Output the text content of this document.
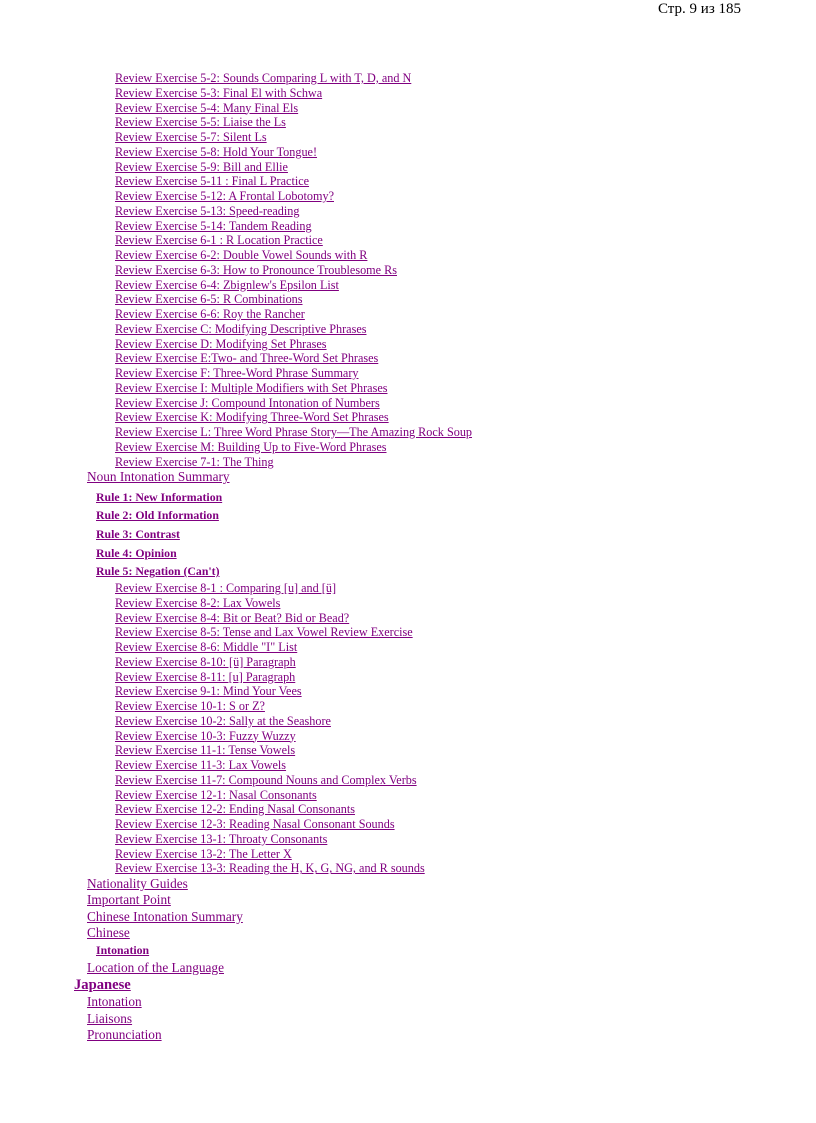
Стр. 9 из 185
Review Exercise 5-2: Sounds Comparing L with T, D, and N
Review Exercise 5-3: Final El with Schwa
Review Exercise 5-4: Many Final Els
Review Exercise 5-5: Liaise the Ls
Review Exercise 5-7: Silent Ls
Review Exercise 5-8: Hold Your Tongue!
Review Exercise 5-9: Bill and Ellie
Review Exercise 5-11 : Final L Practice
Review Exercise 5-12: A Frontal Lobotomy?
Review Exercise 5-13: Speed-reading
Review Exercise 5-14: Tandem Reading
Review Exercise 6-1 : R Location Practice
Review Exercise 6-2: Double Vowel Sounds with R
Review Exercise 6-3: How to Pronounce Troublesome Rs
Review Exercise 6-4: Zbignlew's Epsilon List
Review Exercise 6-5: R Combinations
Review Exercise 6-6: Roy the Rancher
Review Exercise C: Modifying Descriptive Phrases
Review Exercise D: Modifying Set Phrases
Review Exercise E:Two- and Three-Word Set Phrases
Review Exercise F: Three-Word Phrase Summary
Review Exercise I: Multiple Modifiers with Set Phrases
Review Exercise J: Compound Intonation of Numbers
Review Exercise K: Modifying Three-Word Set Phrases
Review Exercise L: Three Word Phrase Story—The Amazing Rock Soup
Review Exercise M: Building Up to Five-Word Phrases
Review Exercise 7-1: The Thing
Noun Intonation Summary
Rule 1: New Information
Rule 2: Old Information
Rule 3: Contrast
Rule 4: Opinion
Rule 5: Negation (Can't)
Review Exercise 8-1 : Comparing [u] and [ü]
Review Exercise 8-2: Lax Vowels
Review Exercise 8-4: Bit or Beat? Bid or Bead?
Review Exercise 8-5: Tense and Lax Vowel Review Exercise
Review Exercise 8-6: Middle "I" List
Review Exercise 8-10: [ü] Paragraph
Review Exercise 8-11: [u] Paragraph
Review Exercise 9-1: Mind Your Vees
Review Exercise 10-1: S or Z?
Review Exercise 10-2: Sally at the Seashore
Review Exercise 10-3: Fuzzy Wuzzy
Review Exercise 11-1: Tense Vowels
Review Exercise 11-3: Lax Vowels
Review Exercise 11-7: Compound Nouns and Complex Verbs
Review Exercise 12-1: Nasal Consonants
Review Exercise 12-2: Ending Nasal Consonants
Review Exercise 12-3: Reading Nasal Consonant Sounds
Review Exercise 13-1: Throaty Consonants
Review Exercise 13-2: The Letter X
Review Exercise 13-3: Reading the H, K, G, NG, and R sounds
Nationality Guides
Important Point
Chinese Intonation Summary
Chinese
Intonation
Location of the Language
Japanese
Intonation
Liaisons
Pronunciation
